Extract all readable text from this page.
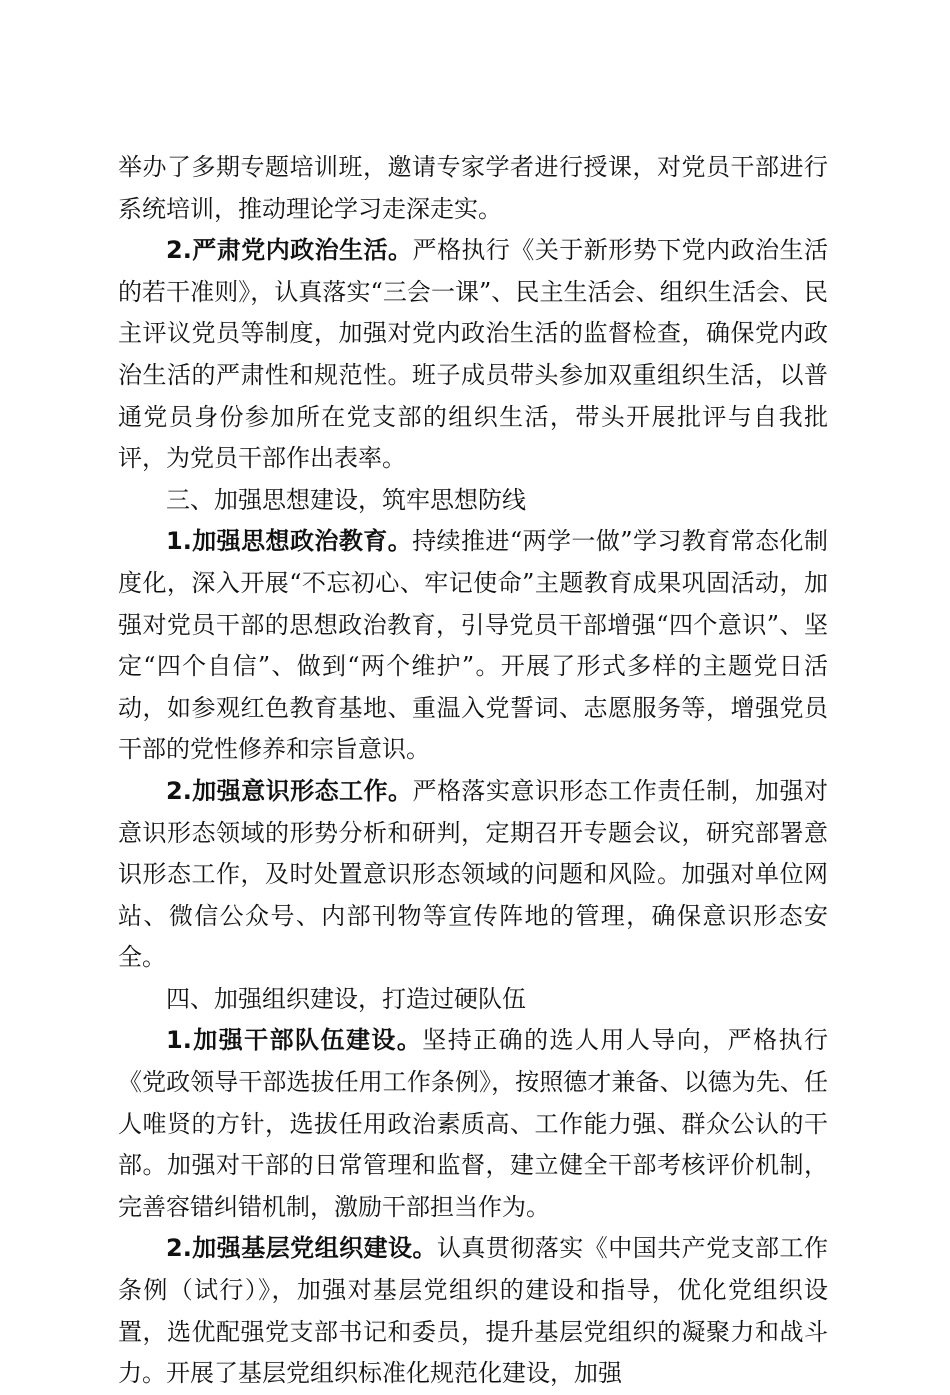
举办了多期专题培训班，邀请专家学者进行授课，对党员干部进行系统培训，推动理论学习走深走实。

2.严肃党内政治生活。严格执行《关于新形势下党内政治生活的若干准则》，认真落实“三会一课”、民主生活会、组织生活会、民主评议党员等制度，加强对党内政治生活的监督检查，确保党内政治生活的严肃性和规范性。班子成员带头参加双重组织生活，以普通党员身份参加所在党支部的组织生活，带头开展批评与自我批评，为党员干部作出表率。

三、加强思想建设，筑牢思想防线

1.加强思想政治教育。持续推进“两学一做”学习教育常态化制度化，深入开展“不忘初心、牢记使命”主题教育成果巩固活动，加强对党员干部的思想政治教育，引导党员干部增强“四个意识”、坚定“四个自信”、做到“两个维护”。开展了形式多样的主题党日活动，如参观红色教育基地、重温入党誓词、志愿服务等，增强党员干部的党性修养和宗旨意识。

2.加强意识形态工作。严格落实意识形态工作责任制，加强对意识形态领域的形势分析和研判，定期召开专题会议，研究部署意识形态工作，及时处置意识形态领域的问题和风险。加强对单位网站、微信公众号、内部刊物等宣传阵地的管理，确保意识形态安全。

四、加强组织建设，打造过硬队伍

1.加强干部队伍建设。坚持正确的选人用人导向，严格执行《党政领导干部选拔任用工作条例》，按照德才兼备、以德为先、任人唯贤的方针，选拔任用政治素质高、工作能力强、群众公认的干部。加强对干部的日常管理和监督，建立健全干部考核评价机制，完善容错纠错机制，激励干部担当作为。

2.加强基层党组织建设。认真贯彻落实《中国共产党支部工作条例（试行）》，加强对基层党组织的建设和指导，优化党组织设置，选优配强党支部书记和委员，提升基层党组织的凝聚力和战斗力。开展了基层党组织标准化规范化建设，加强
